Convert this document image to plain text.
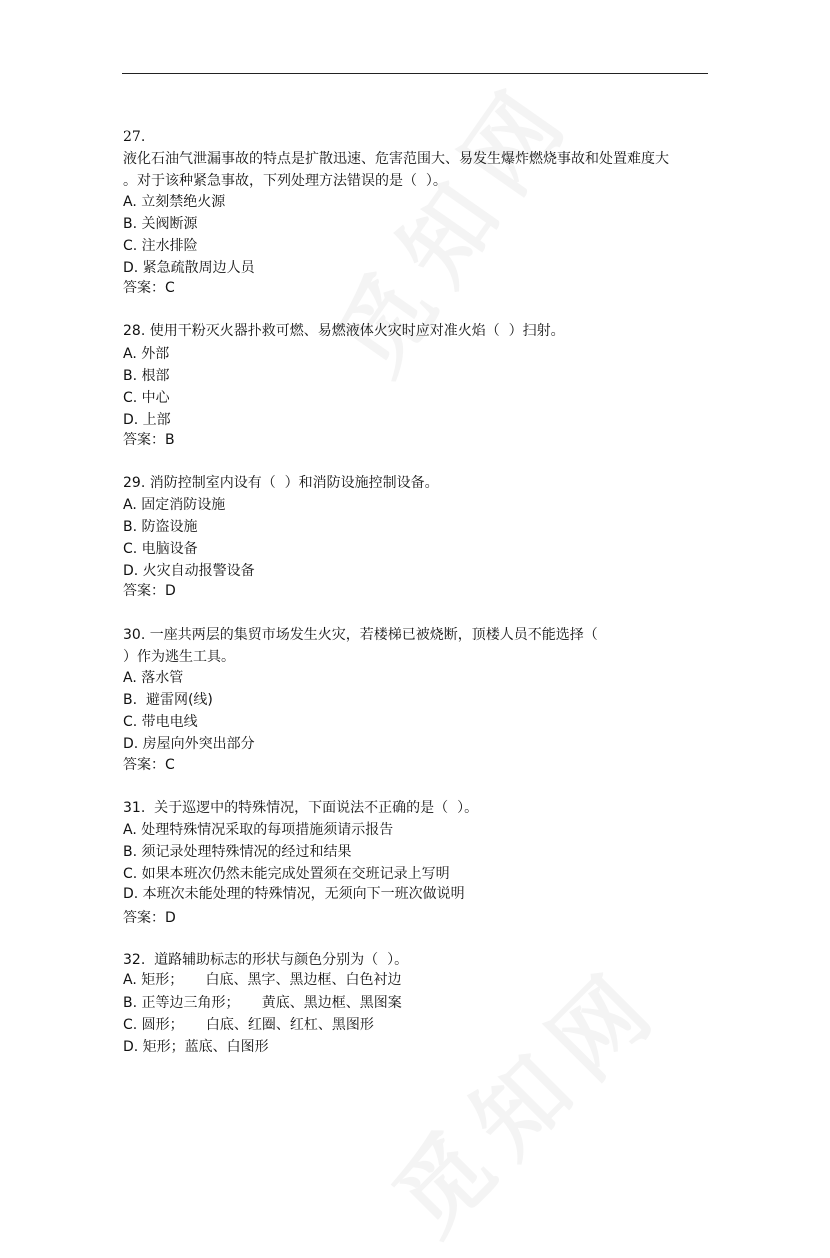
27.
液化石油气泄漏事故的特点是扩散迅速、危害范围大、易发生爆炸燃烧事故和处置难度大
。对于该种紧急事故，下列处理方法错误的是（  ）。
A. 立刻禁绝火源
B. 关阀断源
C. 注水排险
D. 紧急疏散周边人员
答案：C
28. 使用干粉灭火器扑救可燃、易燃液体火灾时应对准火焰（  ）扫射。
A. 外部
B. 根部
C. 中心
D. 上部
答案：B
29. 消防控制室内设有（  ）和消防设施控制设备。
A. 固定消防设施
B. 防盗设施
C. 电脑设备
D. 火灾自动报警设备
答案：D
30. 一座共两层的集贸市场发生火灾，若楼梯已被烧断，顶楼人员不能选择（
）作为逃生工具。
A. 落水管
B.  避雷网(线)
C. 带电电线
D. 房屋向外突出部分
答案：C
31.  关于巡逻中的特殊情况，下面说法不正确的是（  ）。
A. 处理特殊情况采取的每项措施须请示报告
B. 须记录处理特殊情况的经过和结果
C. 如果本班次仍然未能完成处置须在交班记录上写明
D. 本班次未能处理的特殊情况，无须向下一班次做说明
答案：D
32.  道路辅助标志的形状与颜色分别为（  ）。
A. 矩形；     白底、黑字、黑边框、白色衬边
B. 正等边三角形；     黄底、黑边框、黑图案
C. 圆形；     白底、红圈、红杠、黑图形
D. 矩形；蓝底、白图形
